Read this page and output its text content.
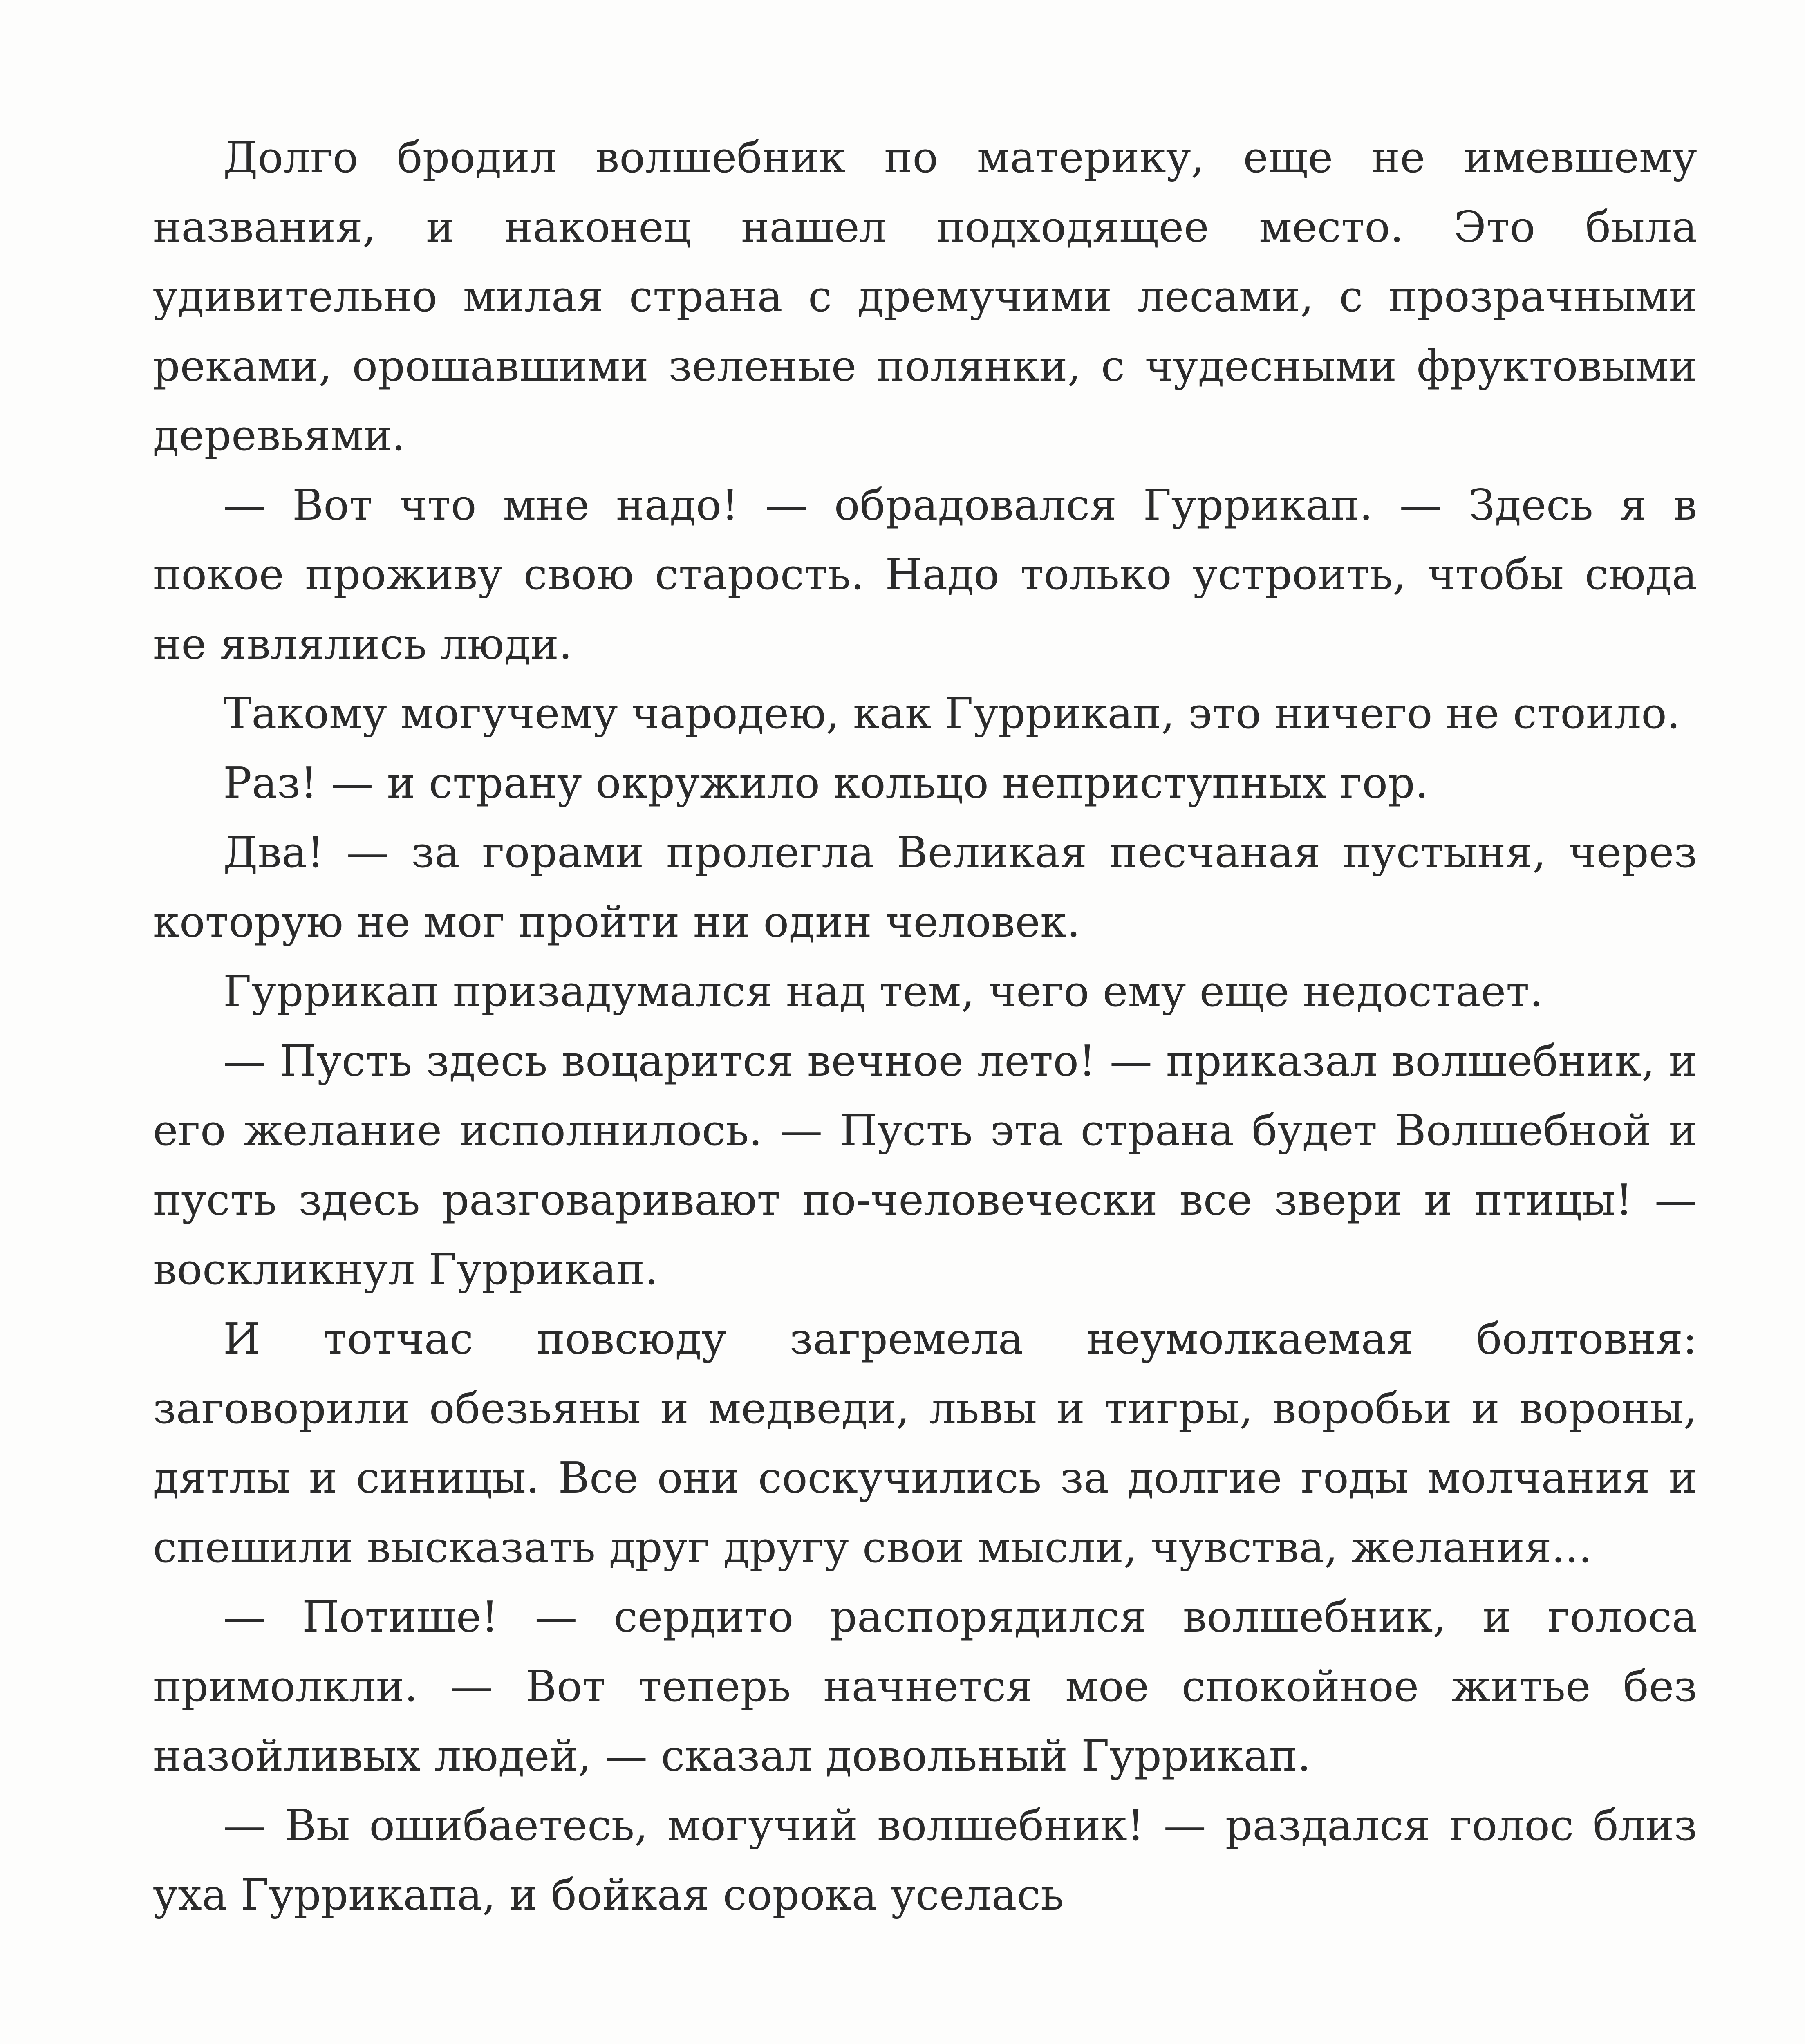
Долго бродил волшебник по материку, еще не имевшему названия, и наконец нашел подходящее место. Это была удивительно милая страна с дремучими лесами, с прозрачными реками, орошавшими зеленые полянки, с чудесными фруктовыми деревьями.

— Вот что мне надо! — обрадовался Гуррикап. — Здесь я в покое проживу свою старость. Надо только устроить, чтобы сюда не являлись люди.

Такому могучему чародею, как Гуррикап, это ничего не стоило.

Раз! — и страну окружило кольцо неприступных гор.

Два! — за горами пролегла Великая песчаная пустыня, через которую не мог пройти ни один человек.

Гуррикап призадумался над тем, чего ему еще недостает.

— Пусть здесь воцарится вечное лето! — приказал волшебник, и его желание исполнилось. — Пусть эта страна будет Волшебной и пусть здесь разговаривают по-человечески все звери и птицы! — воскликнул Гуррикап.

И тотчас повсюду загремела неумолкаемая болтовня: заговорили обезьяны и медведи, львы и тигры, воробьи и вороны, дятлы и синицы. Все они соскучились за долгие годы молчания и спешили высказать друг другу свои мысли, чувства, желания...

— Потише! — сердито распорядился волшебник, и голоса примолкли. — Вот теперь начнется мое спокойное житье без назойливых людей, — сказал довольный Гуррикап.

— Вы ошибаетесь, могучий волшебник! — раздался голос близ уха Гуррикапа, и бойкая сорока уселась
